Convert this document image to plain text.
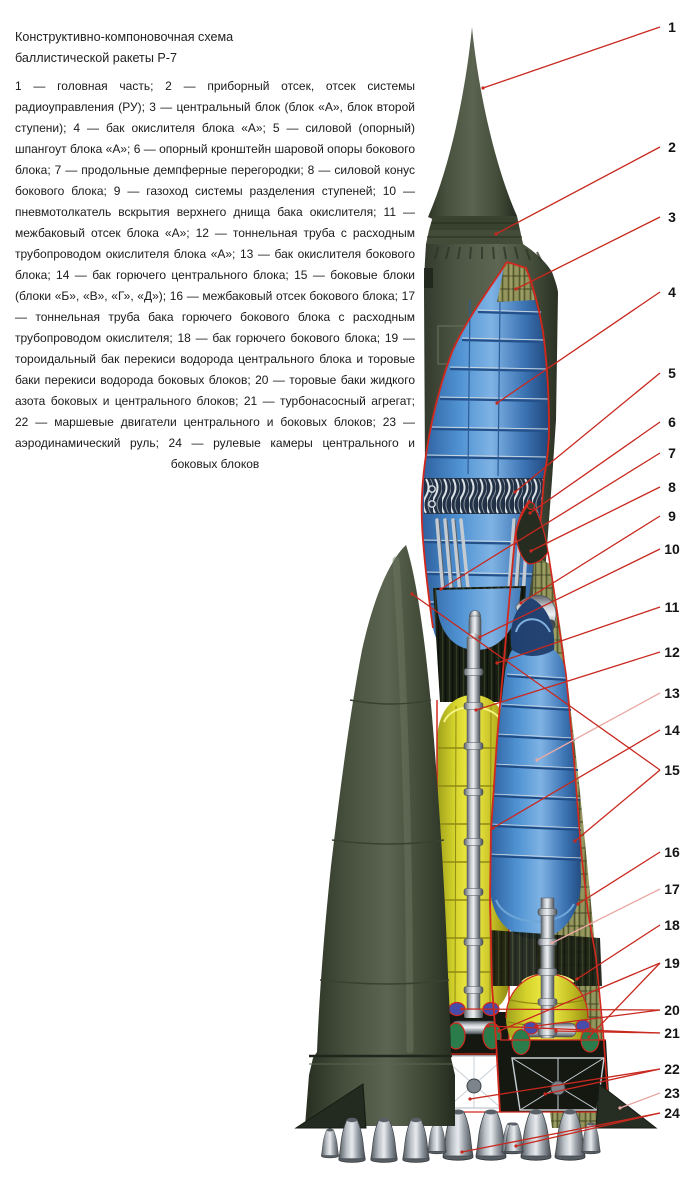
Конструктивно-компоновочная схема
баллистической ракеты Р-7

1 — головная часть; 2 — приборный отсек, отсек системы радиоуправления (РУ); 3 — центральный блок (блок «А», блок второй ступени); 4 — бак окислителя блока «А»; 5 — силовой (опорный) шпангоут блока «А»; 6 — опорный кронштейн шаровой опоры бокового блока; 7 — продольные демпферные перегородки; 8 — силовой конус бокового блока; 9 — газоход системы разделения ступеней; 10 — пневмотолкатель вскрытия верхнего днища бака окислителя; 11 — межбаковый отсек блока «А»; 12 — тоннельная труба с расходным трубопроводом окислителя блока «А»; 13 — бак окислителя бокового блока; 14 — бак горючего центрального блока; 15 — боковые блоки (блоки «Б», «В», «Г», «Д»); 16 — межбаковый отсек бокового блока; 17 — тоннельная труба бака горючего бокового блока с расходным трубопроводом окислителя; 18 — бак горючего бокового блока; 19 — тороидальный бак перекиси водорода центрального блока и торовые баки перекиси водорода боковых блоков; 20 — торовые баки жидкого азота боковых и центрального блоков; 21 — турбонасосный агрегат; 22 — маршевые двигатели центрального и боковых блоков; 23 — аэродинамический руль; 24 — рулевые камеры центрального и боковых блоков

1
2
3
4
5
6
7
8
9
10
11
12
13
14
15
16
17
18
19
20
21
22
23
24
